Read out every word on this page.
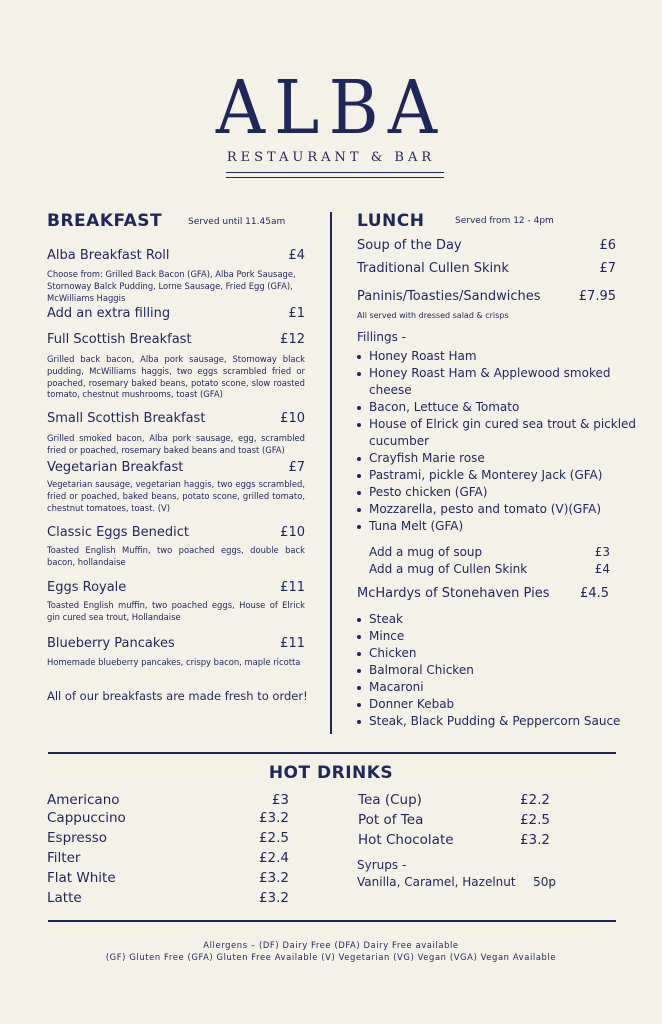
ALBA
RESTAURANT & BAR
BREAKFAST	Served until 11.45am
Alba Breakfast Roll	£4
Choose from: Grilled Back Bacon (GFA), Alba Pork Sausage, Stornoway Balck Pudding, Lorne Sausage, Fried Egg (GFA), McWilliams Haggis
Add an extra filling	£1
Full Scottish Breakfast	£12
Grilled back bacon, Alba pork sausage, Stornoway black pudding, McWilliams haggis, two eggs scrambled fried or poached, rosemary baked beans, potato scone, slow roasted tomato, chestnut mushrooms, toast (GFA)
Small Scottish Breakfast	£10
Grilled smoked bacon, Alba pork sausage, egg, scrambled fried or poached, rosemary baked beans and toast (GFA)
Vegetarian Breakfast	£7
Vegetarian sausage, vegetarian haggis, two eggs scrambled, fried or poached, baked beans, potato scone, grilled tomato, chestnut tomatoes, toast. (V)
Classic Eggs Benedict	£10
Toasted English Muffin, two poached eggs, double back bacon, hollandaise
Eggs Royale	£11
Toasted English muffin, two poached eggs, House of Elrick gin cured sea trout, Hollandaise
Blueberry Pancakes	£11
Homemade blueberry pancakes, crispy bacon, maple ricotta
All of our breakfasts are made fresh to order!
LUNCH	Served from 12 - 4pm
Soup of the Day	£6
Traditional Cullen Skink	£7
Paninis/Toasties/Sandwiches	£7.95
All served with dressed salad & crisps
Fillings -
Honey Roast Ham
Honey Roast Ham & Applewood smoked cheese
Bacon, Lettuce & Tomato
House of Elrick gin cured sea trout & pickled cucumber
Crayfish Marie rose
Pastrami, pickle & Monterey Jack (GFA)
Pesto chicken (GFA)
Mozzarella, pesto and tomato (V)(GFA)
Tuna Melt (GFA)
Add a mug of soup	£3
Add a mug of Cullen Skink	£4
McHardys of Stonehaven Pies	£4.5
Steak
Mince
Chicken
Balmoral Chicken
Macaroni
Donner Kebab
Steak, Black Pudding & Peppercorn Sauce
HOT DRINKS
Americano	£3
Cappuccino	£3.2
Espresso	£2.5
Filter	£2.4
Flat White	£3.2
Latte	£3.2
Tea (Cup)	£2.2
Pot of Tea	£2.5
Hot Chocolate	£3.2
Syrups -
Vanilla, Caramel, Hazelnut	50p
Allergens – (DF) Dairy Free (DFA) Dairy Free available
(GF) Gluten Free (GFA) Gluten Free Available (V) Vegetarian (VG) Vegan (VGA) Vegan Available
